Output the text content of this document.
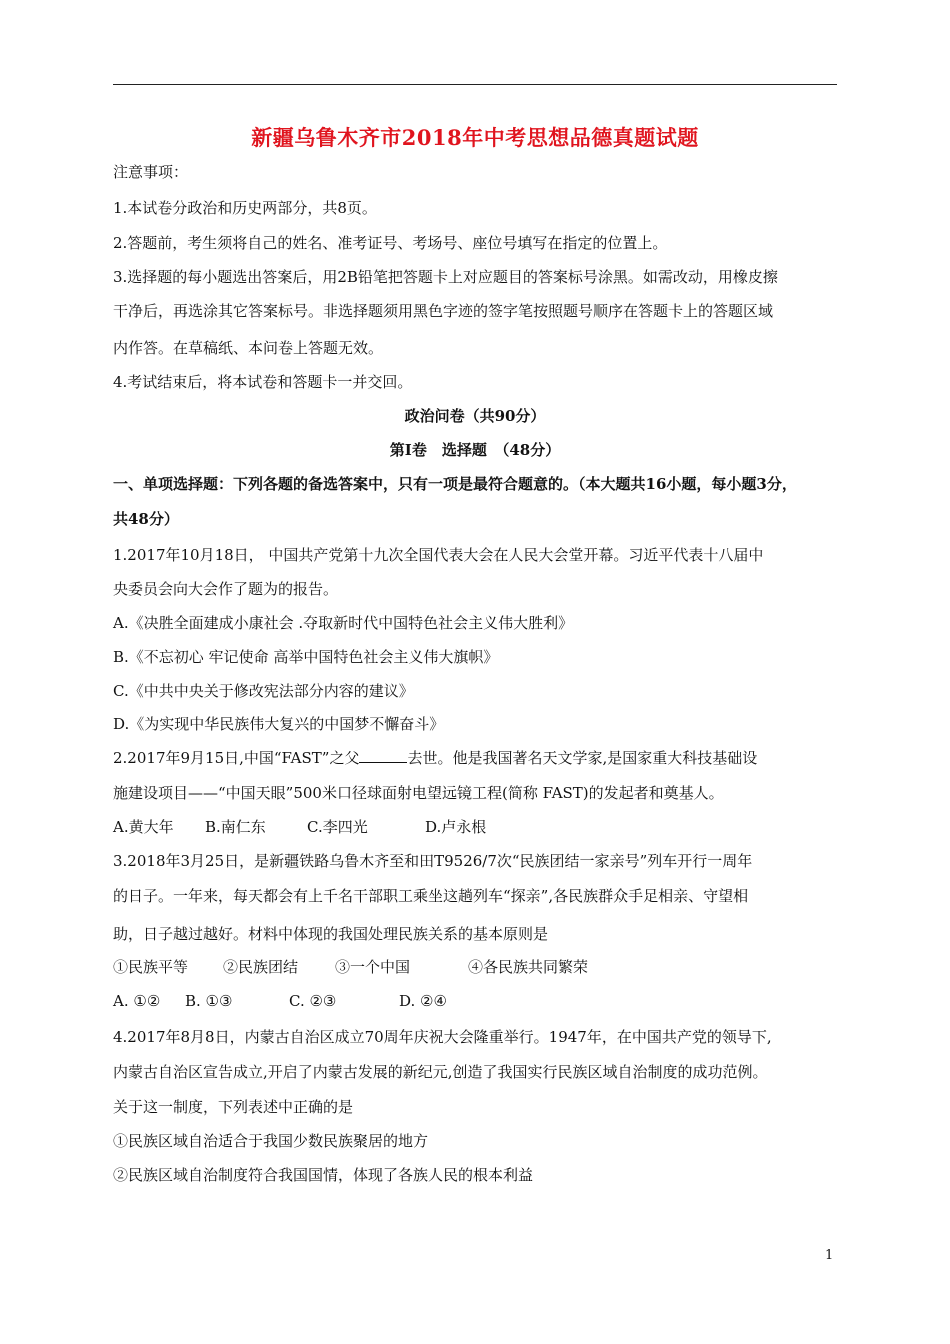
新疆乌鲁木齐市2018年中考思想品德真题试题
注意事项：
1.本试卷分政治和历史两部分，共8页。
2.答题前，考生须将自己的姓名、准考证号、考场号、座位号填写在指定的位置上。
3.选择题的每小题选出答案后，用2B铅笔把答题卡上对应题目的答案标号涂黑。如需改动，用橡皮擦
干净后，再选涂其它答案标号。非选择题须用黑色字迹的签字笔按照题号顺序在答题卡上的答题区域
内作答。在草稿纸、本问卷上答题无效。
4.考试结束后，将本试卷和答题卡一并交回。
政治问卷（共90分）
第Ⅰ卷　选择题　（48分）
一、单项选择题：下列各题的备选答案中，只有一项是最符合题意的。（本大题共16小题，每小题3分，
共48分）
1.2017年10月18日， 中国共产党第十九次全国代表大会在人民大会堂开幕。习近平代表十八届中
央委员会向大会作了题为的报告。
A.《决胜全面建成小康社会 .夺取新时代中国特色社会主义伟大胜利》
B.《不忘初心 牢记使命 高举中国特色社会主义伟大旗帜》
C.《中共中央关于修改宪法部分内容的建议》
D.《为实现中华民族伟大复兴的中国梦不懈奋斗》
2.2017年9月15日,中国“FAST”之父	去世。他是我国著名天文学家,是国家重大科技基础设
施建设项目——“中国天眼”500米口径球面射电望远镜工程(简称 FAST)的发起者和奠基人。
A.黄大年 B.南仁东	C.李四光	D.卢永根
3.2018年3月25日，是新疆铁路乌鲁木齐至和田T9526/7次“民族团结一家亲号”列车开行一周年
的日子。一年来，每天都会有上千名干部职工乘坐这趟列车“探亲”,各民族群众手足相亲、守望相
助，日子越过越好。材料中体现的我国处理民族关系的基本原则是
①民族平等 ②民族团结 ③一个中国	④各民族共同繁荣
A. ①② B. ①③	C. ②③	D. ②④
4.2017年8月8日，内蒙古自治区成立70周年庆祝大会隆重举行。1947年，在中国共产党的领导下,
内蒙古自治区宣告成立,开启了内蒙古发展的新纪元,创造了我国实行民族区域自治制度的成功范例。
关于这一制度，下列表述中正确的是
①民族区域自治适合于我国少数民族聚居的地方
②民族区域自治制度符合我国国情，体现了各族人民的根本利益
1
